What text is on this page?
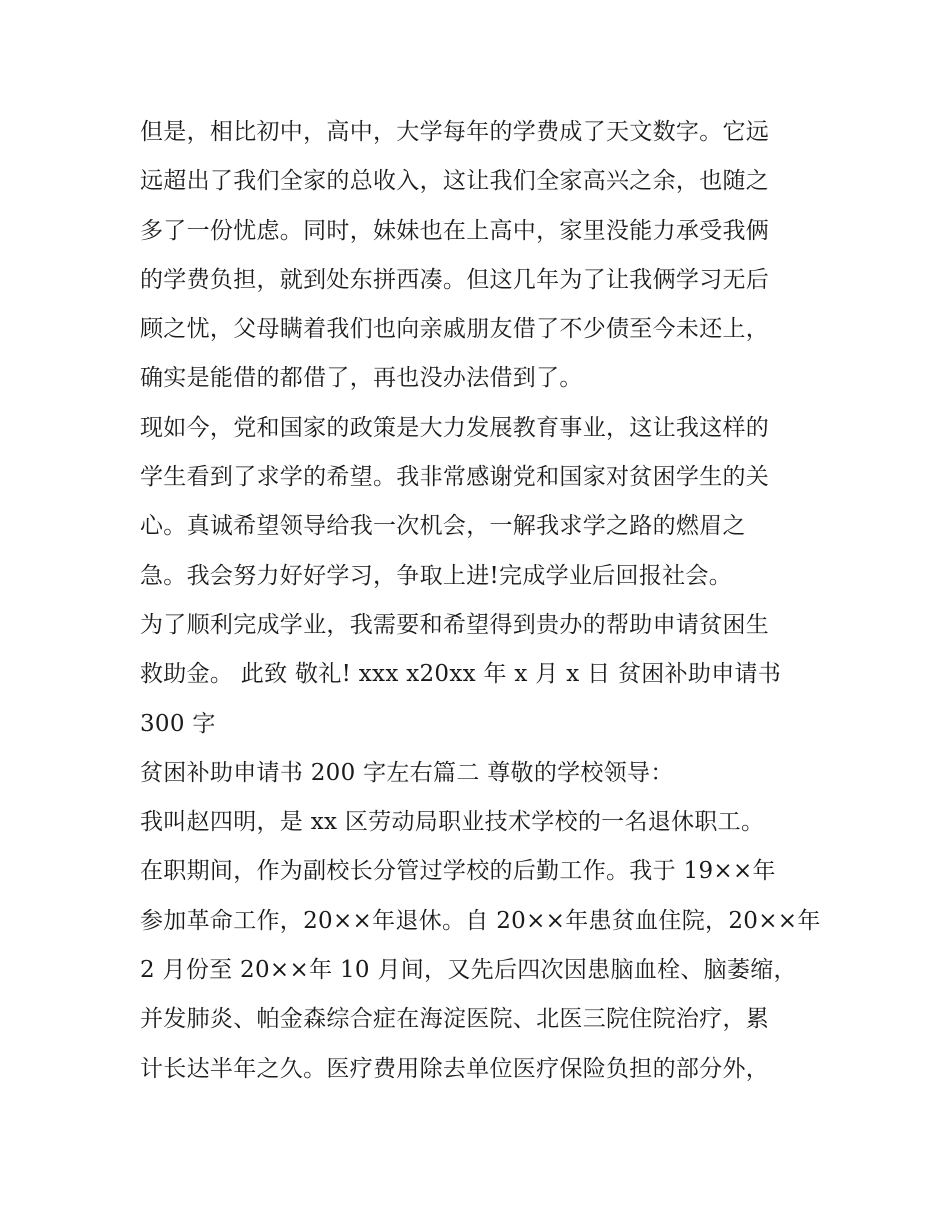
但是，相比初中，高中，大学每年的学费成了天文数字。它远
远超出了我们全家的总收入，这让我们全家高兴之余，也随之
多了一份忧虑。同时，妹妹也在上高中，家里没能力承受我俩
的学费负担，就到处东拼西凑。但这几年为了让我俩学习无后
顾之忧，父母瞒着我们也向亲戚朋友借了不少债至今未还上，
确实是能借的都借了，再也没办法借到了。
现如今，党和国家的政策是大力发展教育事业，这让我这样的
学生看到了求学的希望。我非常感谢党和国家对贫困学生的关
心。真诚希望领导给我一次机会，一解我求学之路的燃眉之
急。我会努力好好学习，争取上进!完成学业后回报社会。
为了顺利完成学业，我需要和希望得到贵办的帮助申请贫困生
救助金。 此致 敬礼! xxx x20xx 年 x 月 x 日 贫困补助申请书
300 字
贫困补助申请书 200 字左右篇二 尊敬的学校领导：
我叫赵四明，是 xx 区劳动局职业技术学校的一名退休职工。
在职期间，作为副校长分管过学校的后勤工作。我于 19××年
参加革命工作，20××年退休。自 20××年患贫血住院，20××年
2 月份至 20××年 10 月间，又先后四次因患脑血栓、脑萎缩，
并发肺炎、帕金森综合症在海淀医院、北医三院住院治疗，累
计长达半年之久。医疗费用除去单位医疗保险负担的部分外，
